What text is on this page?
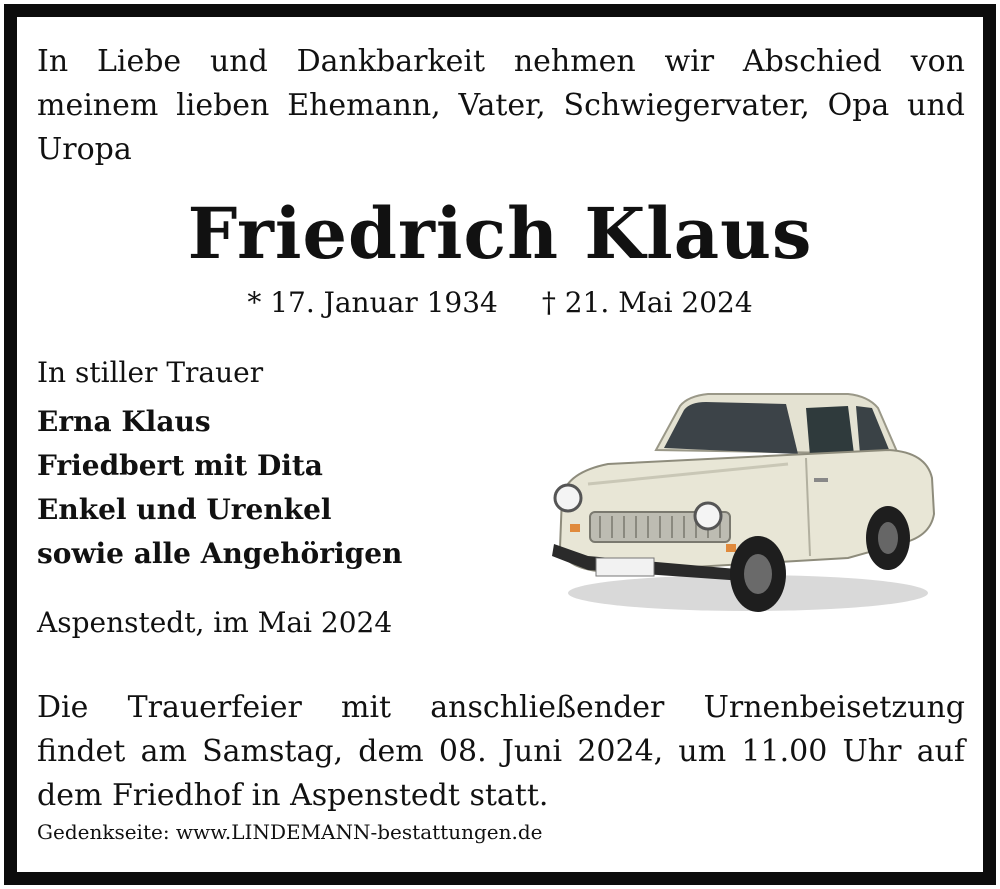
In Liebe und Dankbarkeit nehmen wir Abschied von
meinem lieben Ehemann, Vater, Schwiegervater, Opa und
Uropa
Friedrich Klaus
* 17. Januar 1934 † 21. Mai 2024
In stiller Trauer
Erna Klaus
Friedbert mit Dita
Enkel und Urenkel
sowie alle Angehörigen
Aspenstedt, im Mai 2024
Die Trauerfeier mit anschließender Urnenbeisetzung
findet am Samstag, dem 08. Juni 2024, um 11.00 Uhr auf
dem Friedhof in Aspenstedt statt.
Gedenkseite: www.LINDEMANN-bestattungen.de
